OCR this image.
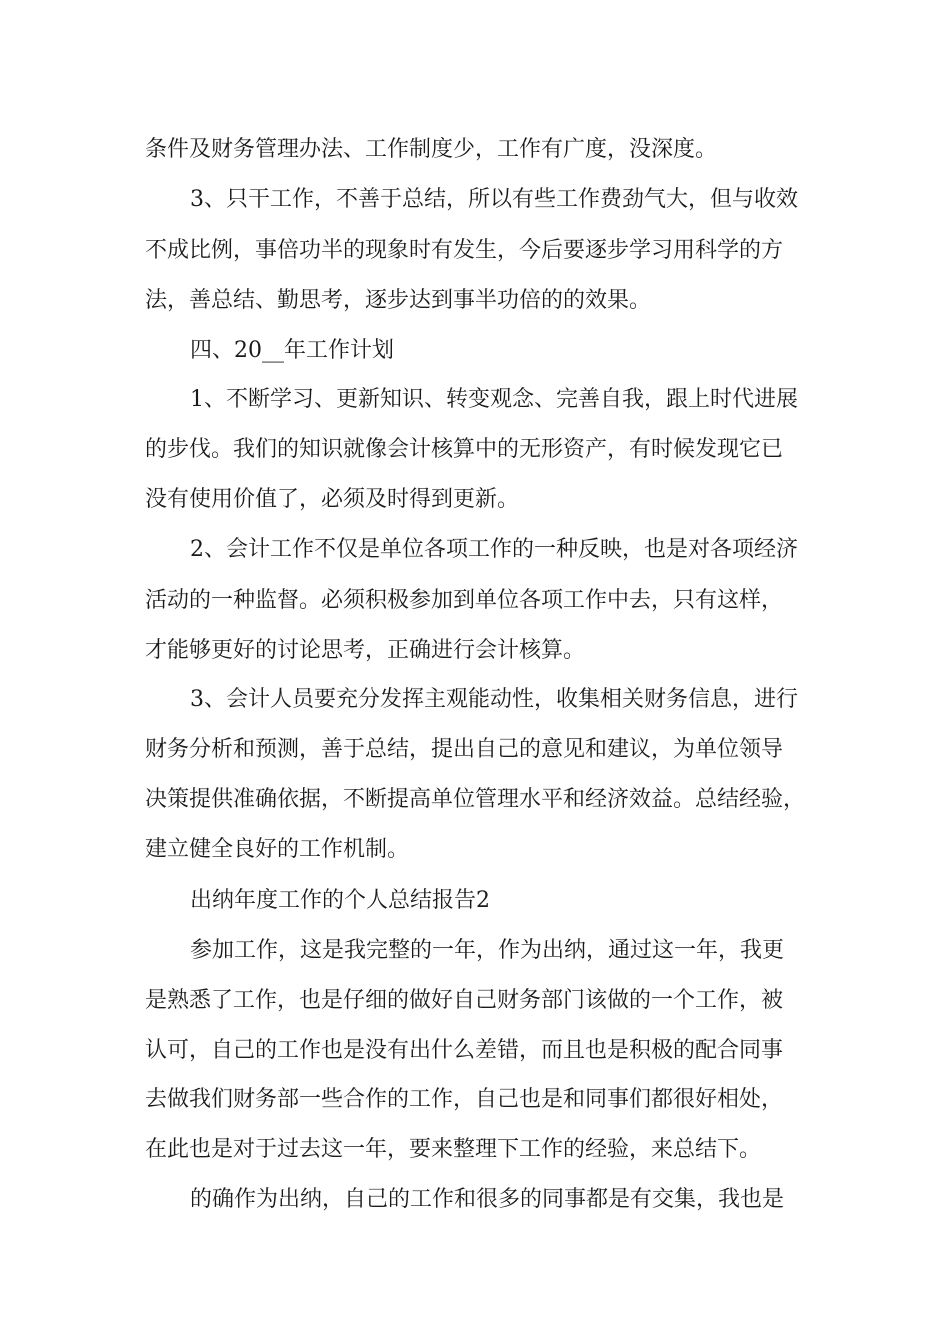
条件及财务管理办法、工作制度少，工作有广度，没深度。
3、只干工作，不善于总结，所以有些工作费劲气大，但与收效
不成比例，事倍功半的现象时有发生，今后要逐步学习用科学的方
法，善总结、勤思考，逐步达到事半功倍的的效果。
四、20__年工作计划
1、不断学习、更新知识、转变观念、完善自我，跟上时代进展
的步伐。我们的知识就像会计核算中的无形资产，有时候发现它已
没有使用价值了，必须及时得到更新。
2、会计工作不仅是单位各项工作的一种反映，也是对各项经济
活动的一种监督。必须积极参加到单位各项工作中去，只有这样，
才能够更好的讨论思考，正确进行会计核算。
3、会计人员要充分发挥主观能动性，收集相关财务信息，进行
财务分析和预测，善于总结，提出自己的意见和建议，为单位领导
决策提供准确依据，不断提高单位管理水平和经济效益。总结经验，
建立健全良好的工作机制。
出纳年度工作的个人总结报告2
参加工作，这是我完整的一年，作为出纳，通过这一年，我更
是熟悉了工作，也是仔细的做好自己财务部门该做的一个工作，被
认可，自己的工作也是没有出什么差错，而且也是积极的配合同事
去做我们财务部一些合作的工作，自己也是和同事们都很好相处，
在此也是对于过去这一年，要来整理下工作的经验，来总结下。
的确作为出纳，自己的工作和很多的同事都是有交集，我也是
